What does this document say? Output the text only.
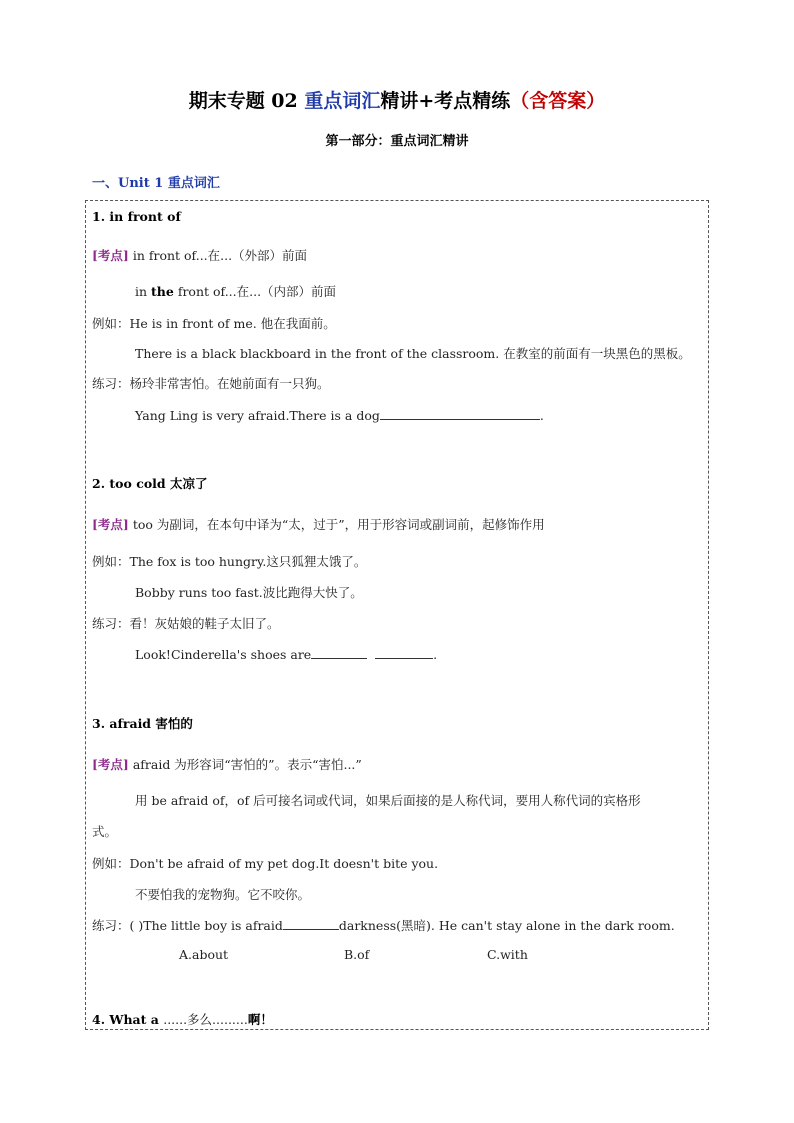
期末专题 02 重点词汇精讲+考点精练（含答案）
第一部分：重点词汇精讲
一、Unit 1 重点词汇
1. in front of
[考点] in front of...在...（外部）前面
in the front of...在...（内部）前面
例如：He is in front of me. 他在我面前。
There is a black blackboard in the front of the classroom. 在教室的前面有一块黑色的黑板。
练习：杨玲非常害怕。在她前面有一只狗。
Yang Ling is very afraid.There is a dog	.
2. too cold 太凉了
[考点] too 为副词，在本句中译为“太，过于”，用于形容词或副词前，起修饰作用
例如：The fox is too hungry.这只狐狸太饿了。
Bobby runs too fast.波比跑得大快了。
练习：看！灰姑娘的鞋子太旧了。
Look!Cinderella's shoes are	.
3. afraid 害怕的
[考点] afraid 为形容词“害怕的”。表示“害怕...”
用 be afraid of，of 后可接名词或代词，如果后面接的是人称代词，要用人称代词的宾格形
式。
例如：Don't be afraid of my pet dog.It doesn't bite you.
不要怕我的宠物狗。它不咬你。
练习：( )The little boy is afraid	darkness(黑暗). He can't stay alone in the dark room.
A.about	B.of	C.with
4. What a ......多么.........啊！
